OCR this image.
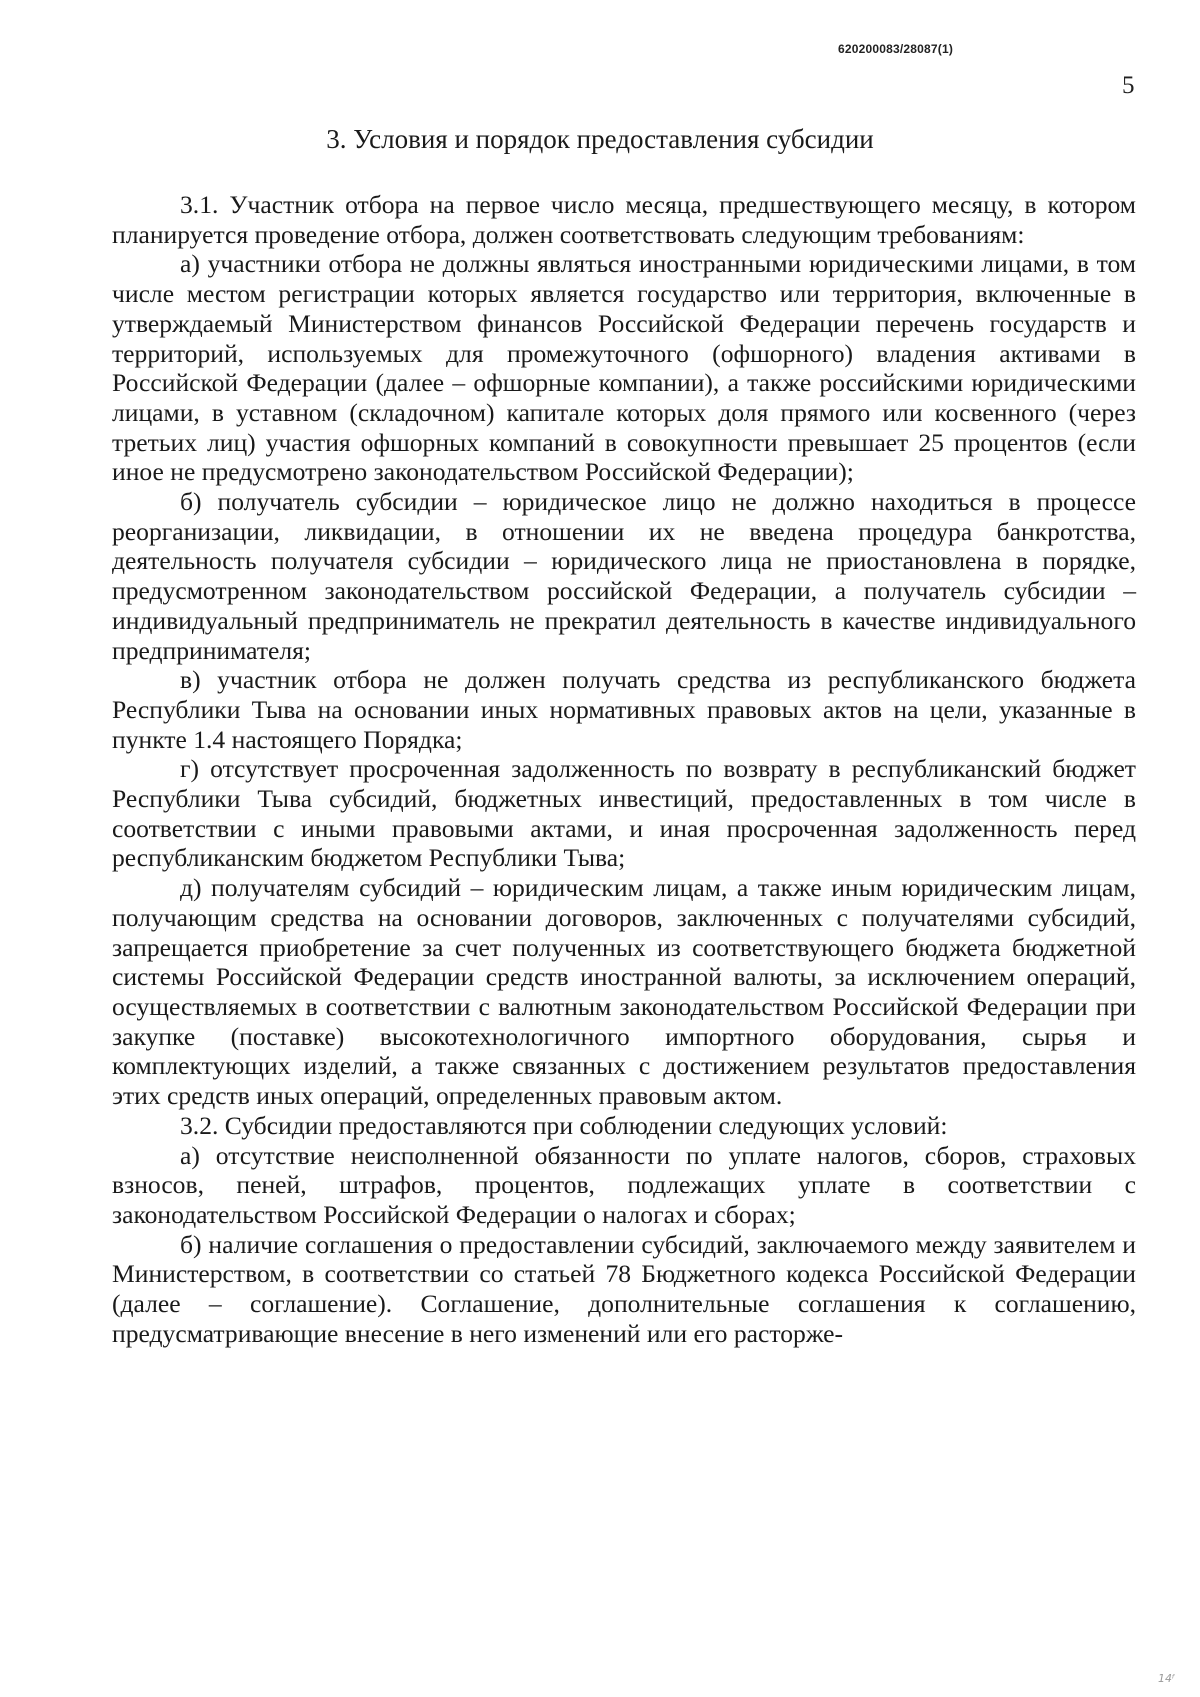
620200083/28087(1)
5
3. Условия и порядок предоставления субсидии

3.1. Участник отбора на первое число месяца, предшествующего месяцу, в котором планируется проведение отбора, должен соответствовать следующим требованиям:

а) участники отбора не должны являться иностранными юридическими лицами, в том числе местом регистрации которых является государство или территория, включенные в утверждаемый Министерством финансов Российской Федерации перечень государств и территорий, используемых для промежуточного (офшорного) владения активами в Российской Федерации (далее – офшорные компании), а также российскими юридическими лицами, в уставном (складочном) капитале которых доля прямого или косвенного (через третьих лиц) участия офшорных компаний в совокупности превышает 25 процентов (если иное не предусмотрено законодательством Российской Федерации);

б) получатель субсидии – юридическое лицо не должно находиться в процессе реорганизации, ликвидации, в отношении их не введена процедура банкротства, деятельность получателя субсидии – юридического лица не приостановлена в порядке, предусмотренном законодательством российской Федерации, а получатель субсидии – индивидуальный предприниматель не прекратил деятельность в качестве индивидуального предпринимателя;

в) участник отбора не должен получать средства из республиканского бюджета Республики Тыва на основании иных нормативных правовых актов на цели, указанные в пункте 1.4 настоящего Порядка;

г) отсутствует просроченная задолженность по возврату в республиканский бюджет Республики Тыва субсидий, бюджетных инвестиций, предоставленных в том числе в соответствии с иными правовыми актами, и иная просроченная задолженность перед республиканским бюджетом Республики Тыва;

д) получателям субсидий – юридическим лицам, а также иным юридическим лицам, получающим средства на основании договоров, заключенных с получателями субсидий, запрещается приобретение за счет полученных из соответствующего бюджета бюджетной системы Российской Федерации средств иностранной валюты, за исключением операций, осуществляемых в соответствии с валютным законодательством Российской Федерации при закупке (поставке) высокотехнологичного импортного оборудования, сырья и комплектующих изделий, а также связанных с достижением результатов предоставления этих средств иных операций, определенных правовым актом.

3.2. Субсидии предоставляются при соблюдении следующих условий:

а) отсутствие неисполненной обязанности по уплате налогов, сборов, страховых взносов, пеней, штрафов, процентов, подлежащих уплате в соответствии с законодательством Российской Федерации о налогах и сборах;

б) наличие соглашения о предоставлении субсидий, заключаемого между заявителем и Министерством, в соответствии со статьей 78 Бюджетного кодекса Российской Федерации (далее – соглашение). Соглашение, дополнительные соглашения к соглашению, предусматривающие внесение в него изменений или его расторже-

14ᶠ
